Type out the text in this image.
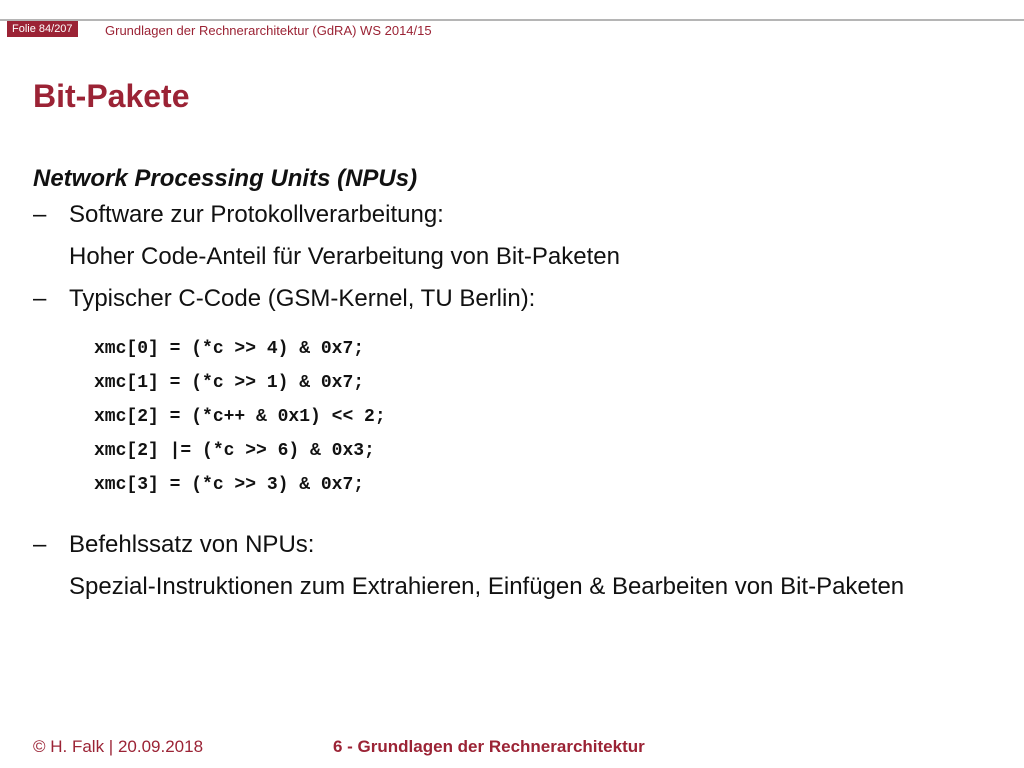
Folie 84/207	Grundlagen der Rechnerarchitektur (GdRA) WS 2014/15
Bit-Pakete
Network Processing Units (NPUs)
– Software zur Protokollverarbeitung:
Hoher Code-Anteil für Verarbeitung von Bit-Paketen
– Typischer C-Code (GSM-Kernel, TU Berlin):
xmc[0] = (*c >> 4) & 0x7;
xmc[1] = (*c >> 1) & 0x7;
xmc[2] = (*c++ & 0x1) << 2;
xmc[2] |= (*c >> 6) & 0x3;
xmc[3] = (*c >> 3) & 0x7;
– Befehlssatz von NPUs:
Spezial-Instruktionen zum Extrahieren, Einfügen & Bearbeiten von Bit-Paketen
© H. Falk | 20.09.2018	6 - Grundlagen der Rechnerarchitektur
